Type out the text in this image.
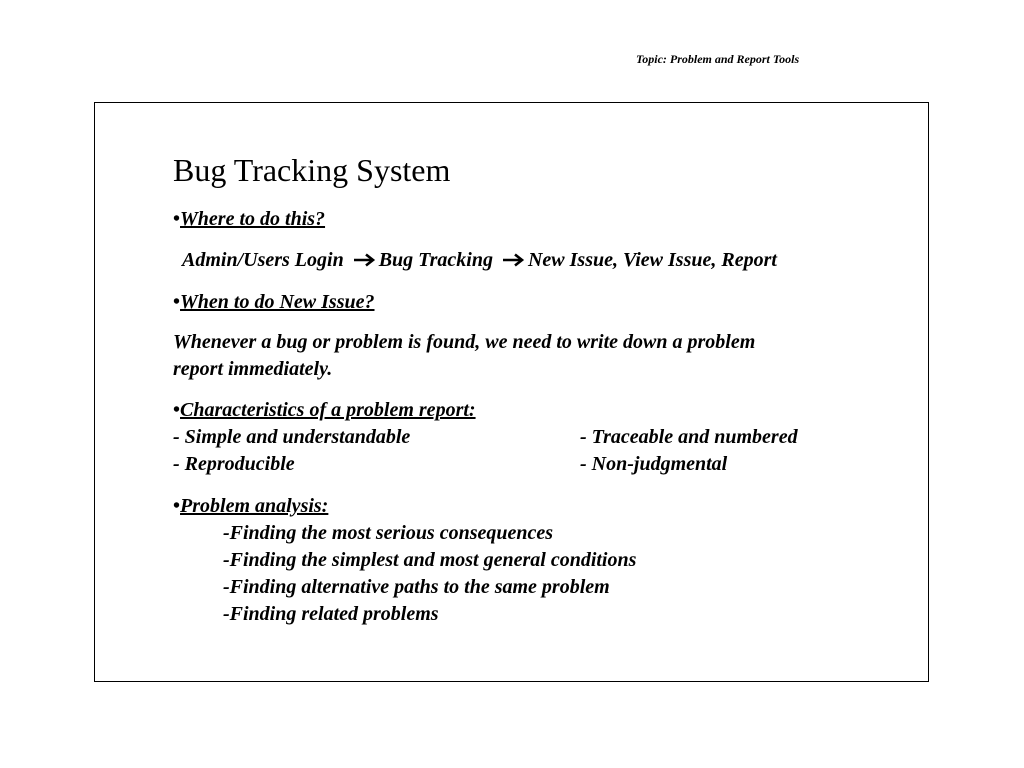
Topic: Problem and Report Tools
Bug Tracking System
•Where to do this?
Admin/Users Login Bug Tracking New Issue, View Issue, Report
•When to do New Issue?
Whenever a bug or problem is found, we need to write down a problem
report immediately.
•Characteristics of a problem report:
- Simple and understandable	- Traceable and numbered
- Reproducible	- Non-judgmental
•Problem analysis:
-Finding the most serious consequences
-Finding the simplest and most general conditions
-Finding alternative paths to the same problem
-Finding related problems
